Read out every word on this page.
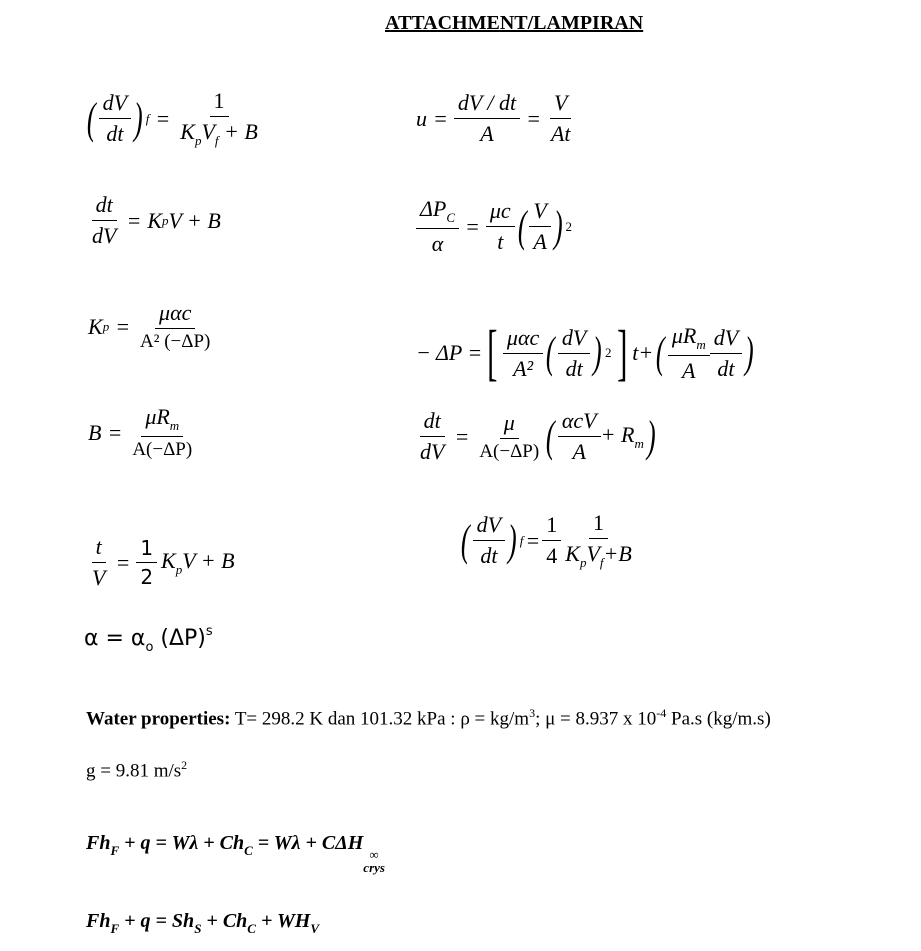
ATTACHMENT/LAMPIRAN
( $\frac{dV}{dt}$ ) $f = \frac{1}{K_pV_f + B}$	$u = \frac{dV / dt}{A} = \frac{V}{At}$
$\frac{dt}{dV} = K$ p V + B	$\frac{\Delta P_C}{\alpha} = \frac{\mu c}{t}$ ( $\frac{V}{A}$ ) 2
K $p = \frac{\text{μαc}}{\text{A² (−ΔP)}}$	− ΔP = [ $\frac{\text{μαc}}{\text{A²}}$ ( $\frac{dV}{dt}$ ) 2 ] t + ( $\frac{\mu R_m}{A} \frac{dV}{dt}$ )
$B = \frac{\mu R_m}{A(-\Delta P)}$	$\frac{dt}{dV} = \frac{\mu}{A(-\Delta P)}$ ( $\frac{\text{αcV}}{A} + R_m$ )
$\frac{t}{V} = \frac{1}{2} K_pV + B$	( $\frac{dV}{dt}$ ) $f = \frac{1}{4} \frac{1}{K_pV_f+B}$
$\alpha = \alpha_o$ $(\Delta P)^s$
Water properties: T= 298.2 K dan 101.32 kPa : $\rho = kg/m^3$; μ = 8.937 x $10^{-4}$ Pa.s (kg/m.s)
g = 9.81 $m/s^2$
$Fh_F + q = W\lambda + Ch_C = W\lambda + C\Delta H$
∞
crys
$Fh_F + q = Sh_S + Ch_C + WH_V$
